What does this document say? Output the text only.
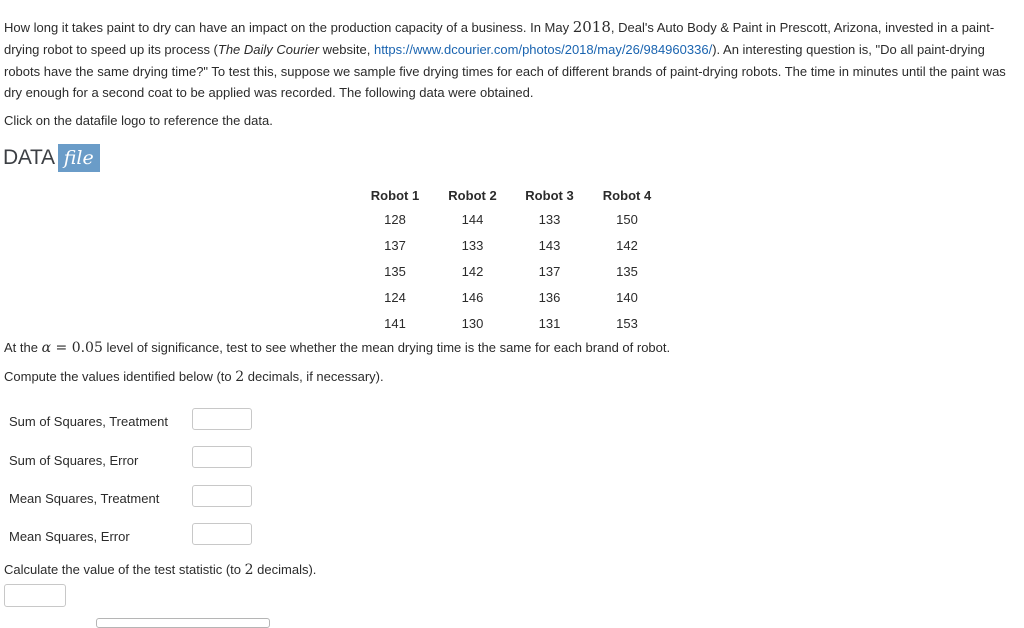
How long it takes paint to dry can have an impact on the production capacity of a business. In May 2018, Deal's Auto Body & Paint in Prescott, Arizona, invested in a paint-drying robot to speed up its process (The Daily Courier website, https://www.dcourier.com/photos/2018/may/26/984960336/). An interesting question is, "Do all paint-drying robots have the same drying time?" To test this, suppose we sample five drying times for each of different brands of paint-drying robots. The time in minutes until the paint was dry enough for a second coat to be applied was recorded. The following data were obtained.
Click on the datafile logo to reference the data.
DATA file
Robot 1	Robot 2	Robot 3	Robot 4
128	144	133	150
137	133	143	142
135	142	137	135
124	146	136	140
141	130	131	153
At the α = 0.05 level of significance, test to see whether the mean drying time is the same for each brand of robot.
Compute the values identified below (to 2 decimals, if necessary).
Sum of Squares, Treatment
Sum of Squares, Error
Mean Squares, Treatment
Mean Squares, Error
Calculate the value of the test statistic (to 2 decimals).
